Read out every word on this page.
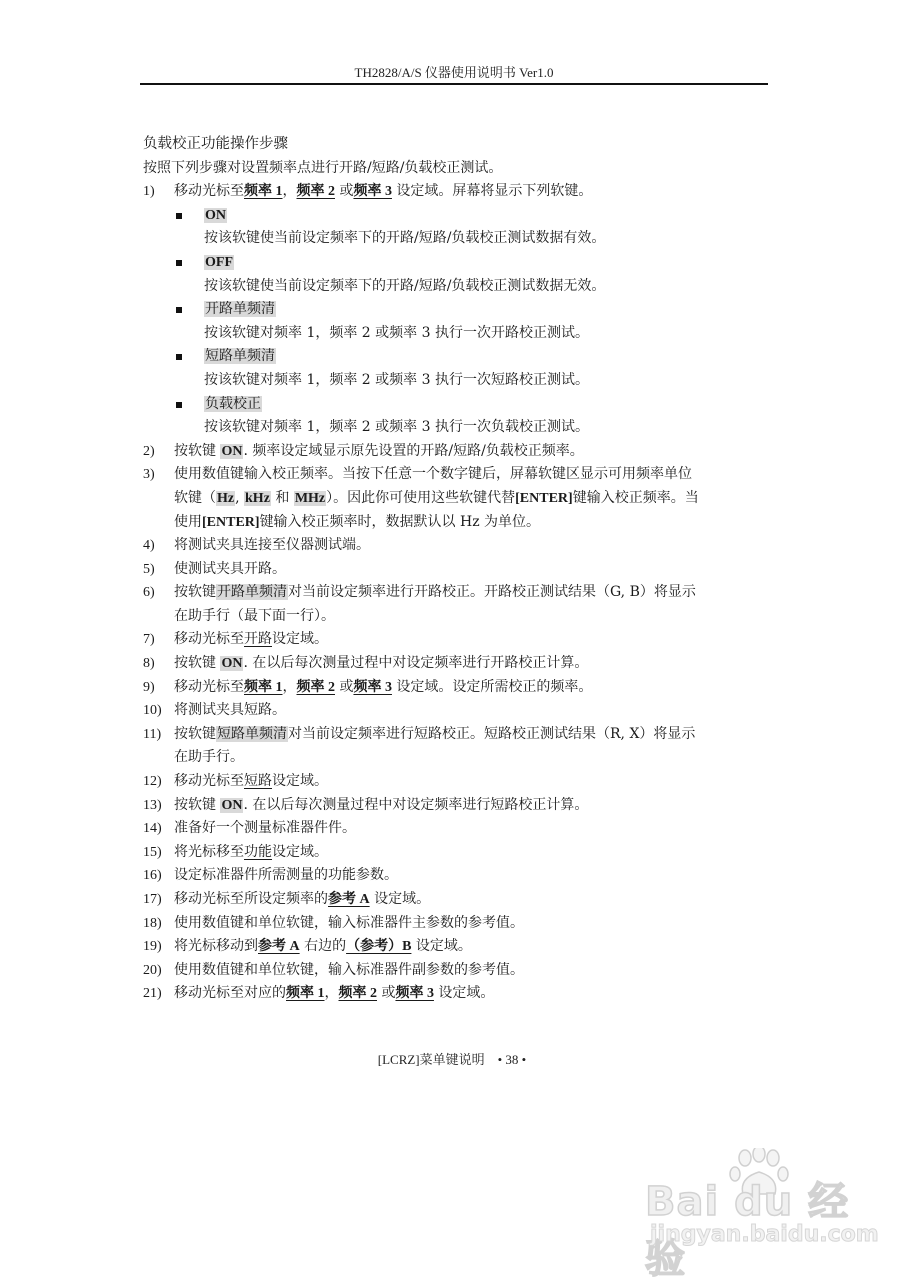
TH2828/A/S 仪器使用说明书 Ver1.0
负载校正功能操作步骤
按照下列步骤对设置频率点进行开路/短路/负载校正测试。
1)	移动光标至频率 1，频率 2 或频率 3 设定域。屏幕将显示下列软键。
ON
按该软键使当前设定频率下的开路/短路/负载校正测试数据有效。
OFF
按该软键使当前设定频率下的开路/短路/负载校正测试数据无效。
开路单频清
按该软键对频率 1，频率 2 或频率 3 执行一次开路校正测试。
短路单频清
按该软键对频率 1，频率 2 或频率 3 执行一次短路校正测试。
负载校正
按该软键对频率 1，频率 2 或频率 3 执行一次负载校正测试。
2)	按软键 ON. 频率设定域显示原先设置的开路/短路/负载校正频率。
3)	使用数值键输入校正频率。当按下任意一个数字键后，屏幕软键区显示可用频率单位
软键（Hz, kHz 和 MHz）。因此你可使用这些软键代替[ENTER]键输入校正频率。当
使用[ENTER]键输入校正频率时，数据默认以 Hz 为单位。
4)	将测试夹具连接至仪器测试端。
5)	使测试夹具开路。
6)	按软键开路单频清对当前设定频率进行开路校正。开路校正测试结果（G, B）将显示
在助手行（最下面一行）。
7)	移动光标至开路设定域。
8)	按软键 ON. 在以后每次测量过程中对设定频率进行开路校正计算。
9)	移动光标至频率 1，频率 2 或频率 3 设定域。设定所需校正的频率。
10) 将测试夹具短路。
11) 按软键短路单频清对当前设定频率进行短路校正。短路校正测试结果（R, X）将显示
在助手行。
12) 移动光标至短路设定域。
13) 按软键 ON. 在以后每次测量过程中对设定频率进行短路校正计算。
14) 准备好一个测量标准器件件。
15) 将光标移至功能设定域。
16) 设定标准器件所需测量的功能参数。
17) 移动光标至所设定频率的参考 A 设定域。
18) 使用数值键和单位软键，输入标准器件主参数的参考值。
19) 将光标移动到参考 A 右边的（参考）B 设定域。
20) 使用数值键和单位软键，输入标准器件副参数的参考值。
21) 移动光标至对应的频率 1，频率 2 或频率 3 设定域。
[LCRZ]菜单键说明　• 38 •
Bai du 经验
jingyan.baidu.com
